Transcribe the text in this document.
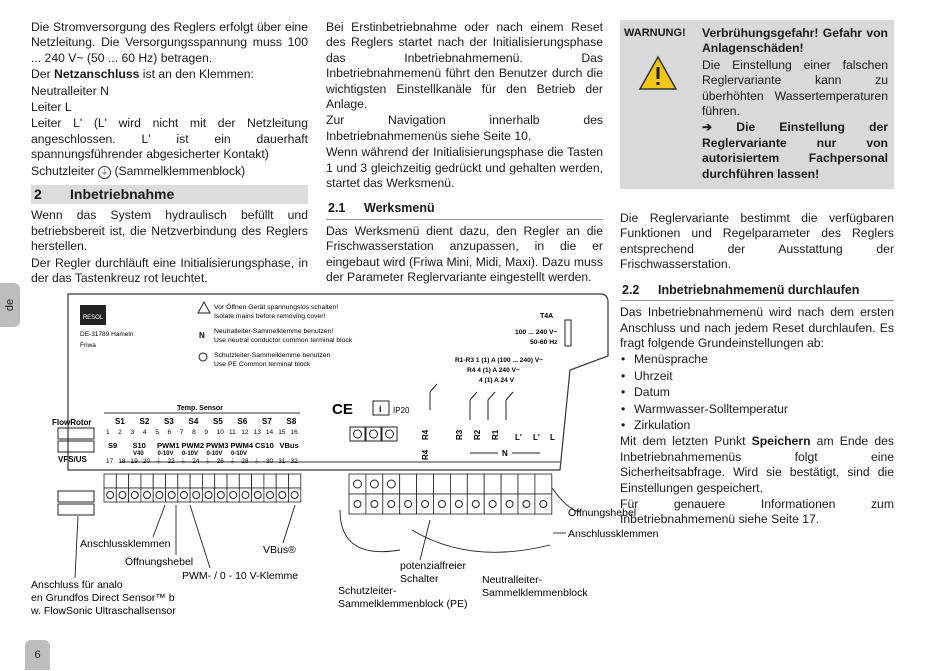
de
6

Die Stromversorgung des Reglers erfolgt über eine Netzleitung. Die Versorgungsspannung muss 100 ... 240 V~ (50 ... 60 Hz) betragen.

Der Netzanschluss ist an den Klemmen:

Neutralleiter N

Leiter L

Leiter L' (L' wird nicht mit der Netzleitung angeschlossen. L' ist ein dauerhaft spannungsführender abgesicherter Kontakt)

Schutzleiter ⏚ (Sammelklemmenblock)

2 Inbetriebnahme

Wenn das System hydraulisch befüllt und betriebsbereit ist, die Netzverbindung des Reglers herstellen.

Der Regler durchläuft eine Initialisierungsphase, in der das Tastenkreuz rot leuchtet.

Bei Erstinbetriebnahme oder nach einem Reset des Reglers startet nach der Initialisierungsphase das Inbetriebnahmemenü. Das Inbetriebnahmemenü führt den Benutzer durch die wichtigsten Einstellkanäle für den Betrieb der Anlage.

Zur Navigation innerhalb des Inbetriebnahmemenüs siehe Seite 10.

Wenn während der Initialisierungsphase die Tasten 1 und 3 gleichzeitig gedrückt und gehalten werden, startet das Werksmenü.

2.1 Werksmenü

Das Werksmenü dient dazu, den Regler an die Frischwasserstation anzupassen, in die er eingebaut wird (Friwa Mini, Midi, Maxi). Dazu muss der Parameter Reglervariante eingestellt werden.

WARNUNG!	Verbrühungsgefahr! Gefahr von Anlagenschäden!

Die Einstellung einer falschen Reglervariante kann zu überhöhten Wassertemperaturen führen.

➔ Die Einstellung der Reglervariante nur von autorisiertem Fachpersonal durchführen lassen!

Die Reglervariante bestimmt die verfügbaren Funktionen und Regelparameter des Reglers entsprechend der Ausstattung der Frischwasserstation.

2.2 Inbetriebnahmemenü durchlaufen

Das Inbetriebnahmemenü wird nach dem ersten Anschluss und nach jedem Reset durchlaufen. Es fragt folgende Grundeinstellungen ab:

• Menüsprache

• Uhrzeit

• Datum

• Warmwasser-Solltemperatur

• Zirkulation

Mit dem letzten Punkt Speichern am Ende des Inbetriebnahmemenüs folgt eine Sicherheitsabfrage. Wird sie bestätigt, sind die Einstellungen gespeichert.

Für genauere Informationen zum Inbetriebnahmemenü siehe Seite 17.

RESOL
DE-31789 Hameln
Friwa
Vor Öffnen Gerät spannungslos schalten!
Isolate mains before removing cover!
N Neutralleiter-Sammelklemme benutzen!
Use neutral conductor common terminal block
Schutzleiter-Sammelklemme benutzen
Use PE Common terminal block
T4A
100 ... 240 V~
50-60 Hz
R1-R3 1 (1) A (100 ... 240) V~
R4 4 (1) A 240 V~
4 (1) A 24 V
Temp. Sensor
S1 S2 S3 S4 S5 S6 S7 S8
1 2 3 4 5 6 7 8 9 10 11 12 13 14 15 16
S9 S10 PWM1 PWM2 PWM3 PWM4 CS10 VBus
V40 0-10V 0-10V 0-10V 0-10V
17 18 19 20 ⏚ 22 ⏚ 24 ⏚ 26 ⏚ 28 ⏚ 30 31 32
FlowRotor
VFS/US
CE	i IP20
R4
R4
R3 R2 R1 L' L' L
N
Anschlussklemmen
Öffnungshebel
PWM- / 0 - 10 V-Klemme
VBus®
Anschluss für analo en Grundfos Direct Sensor™ b w. FlowSonic Ultraschallsensor
Schutzleiter-Sammelklemmenblock (PE)
potenzialfreier Schalter	Neutralleiter-Sammelklemmenblock
Öffnungshebel
Anschlussklemmen
